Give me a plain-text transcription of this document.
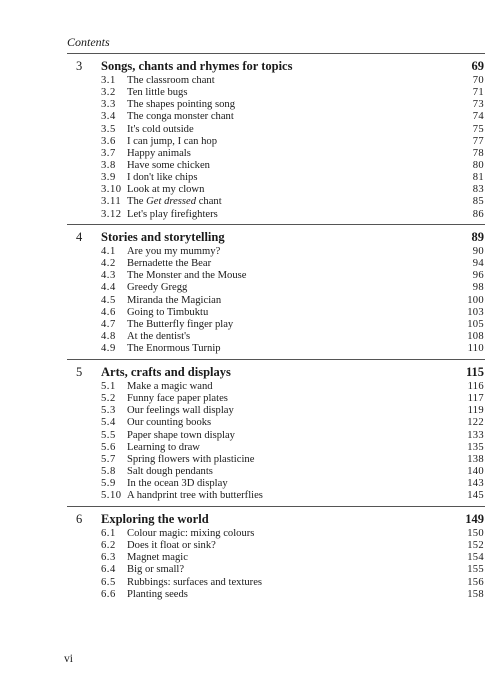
Contents
3 Songs, chants and rhymes for topics	69
3.1 The classroom chant	70
3.2 Ten little bugs	71
3.3 The shapes pointing song	73
3.4 The conga monster chant	74
3.5 It's cold outside	75
3.6 I can jump, I can hop	77
3.7 Happy animals	78
3.8 Have some chicken	80
3.9 I don't like chips	81
3.10 Look at my clown	83
3.11 The Get dressed chant	85
3.12 Let's play firefighters	86
4 Stories and storytelling	89
4.1 Are you my mummy?	90
4.2 Bernadette the Bear	94
4.3 The Monster and the Mouse	96
4.4 Greedy Gregg	98
4.5 Miranda the Magician	100
4.6 Going to Timbuktu	103
4.7 The Butterfly finger play	105
4.8 At the dentist's	108
4.9 The Enormous Turnip	110
5 Arts, crafts and displays	115
5.1 Make a magic wand	116
5.2 Funny face paper plates	117
5.3 Our feelings wall display	119
5.4 Our counting books	122
5.5 Paper shape town display	133
5.6 Learning to draw	135
5.7 Spring flowers with plasticine	138
5.8 Salt dough pendants	140
5.9 In the ocean 3D display	143
5.10 A handprint tree with butterflies	145
6 Exploring the world	149
6.1 Colour magic: mixing colours	150
6.2 Does it float or sink?	152
6.3 Magnet magic	154
6.4 Big or small?	155
6.5 Rubbings: surfaces and textures	156
6.6 Planting seeds	158
vi
